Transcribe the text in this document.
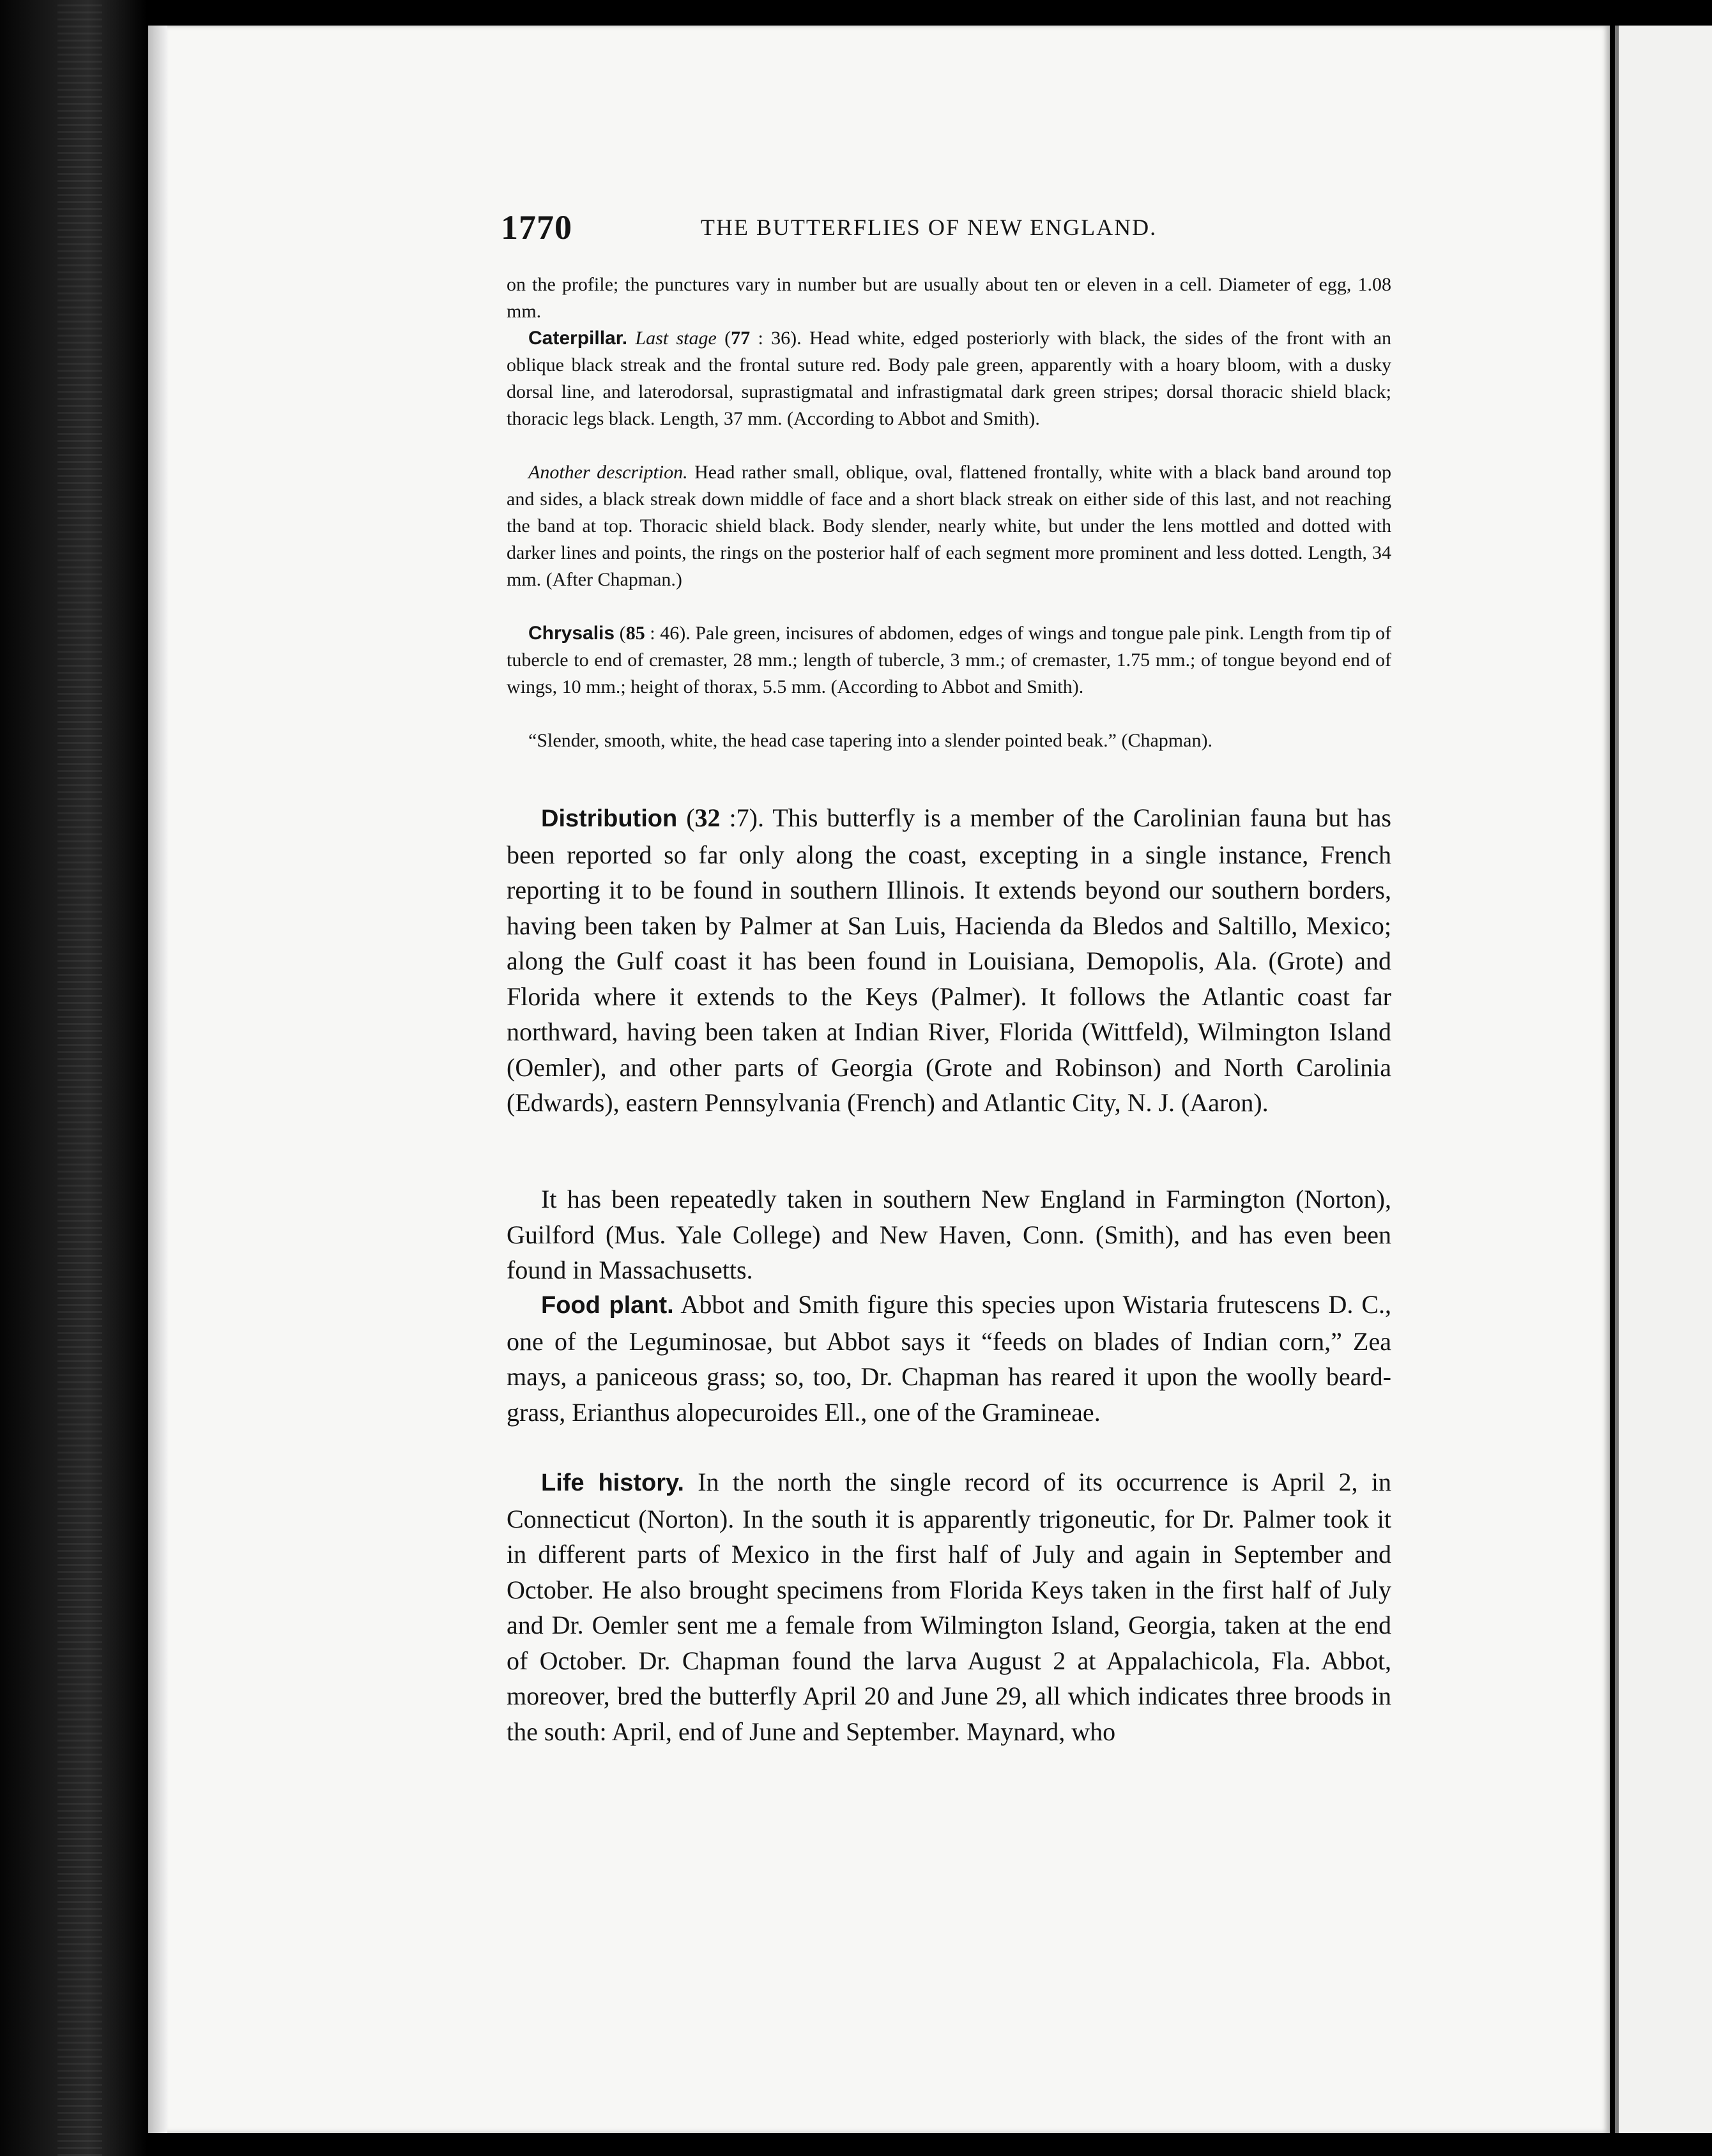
1770	THE BUTTERFLIES OF NEW ENGLAND.

on the profile; the punctures vary in number but are usually about ten or eleven in a cell. Diameter of egg, 1.08 mm.

Caterpillar. Last stage (77 : 36). Head white, edged posteriorly with black, the sides of the front with an oblique black streak and the frontal suture red. Body pale green, apparently with a hoary bloom, with a dusky dorsal line, and laterodorsal, suprastigmatal and infrastigmatal dark green stripes; dorsal thoracic shield black; thoracic legs black. Length, 37 mm. (According to Abbot and Smith).

Another description. Head rather small, oblique, oval, flattened frontally, white with a black band around top and sides, a black streak down middle of face and a short black streak on either side of this last, and not reaching the band at top. Thoracic shield black. Body slender, nearly white, but under the lens mottled and dotted with darker lines and points, the rings on the posterior half of each segment more prominent and less dotted. Length, 34 mm. (After Chapman.)

Chrysalis (85 : 46). Pale green, incisures of abdomen, edges of wings and tongue pale pink. Length from tip of tubercle to end of cremaster, 28 mm.; length of tubercle, 3 mm.; of cremaster, 1.75 mm.; of tongue beyond end of wings, 10 mm.; height of thorax, 5.5 mm. (According to Abbot and Smith).

“Slender, smooth, white, the head case tapering into a slender pointed beak.” (Chapman).

Distribution (32 :7). This butterfly is a member of the Carolinian fauna but has been reported so far only along the coast, excepting in a single instance, French reporting it to be found in southern Illinois. It extends beyond our southern borders, having been taken by Palmer at San Luis, Hacienda da Bledos and Saltillo, Mexico; along the Gulf coast it has been found in Louisiana, Demopolis, Ala. (Grote) and Florida where it extends to the Keys (Palmer). It follows the Atlantic coast far northward, having been taken at Indian River, Florida (Wittfeld), Wilmington Island (Oemler), and other parts of Georgia (Grote and Robinson) and North Carolinia (Edwards), eastern Pennsylvania (French) and Atlantic City, N. J. (Aaron).

It has been repeatedly taken in southern New England in Farmington (Norton), Guilford (Mus. Yale College) and New Haven, Conn. (Smith), and has even been found in Massachusetts.

Food plant. Abbot and Smith figure this species upon Wistaria frutescens D. C., one of the Leguminosae, but Abbot says it “feeds on blades of Indian corn,” Zea mays, a paniceous grass; so, too, Dr. Chapman has reared it upon the woolly beard-grass, Erianthus alopecuroides Ell., one of the Gramineae.

Life history. In the north the single record of its occurrence is April 2, in Connecticut (Norton). In the south it is apparently trigoneutic, for Dr. Palmer took it in different parts of Mexico in the first half of July and again in September and October. He also brought specimens from Florida Keys taken in the first half of July and Dr. Oemler sent me a female from Wilmington Island, Georgia, taken at the end of October. Dr. Chapman found the larva August 2 at Appalachicola, Fla. Abbot, moreover, bred the butterfly April 20 and June 29, all which indicates three broods in the south: April, end of June and September. Maynard, who
